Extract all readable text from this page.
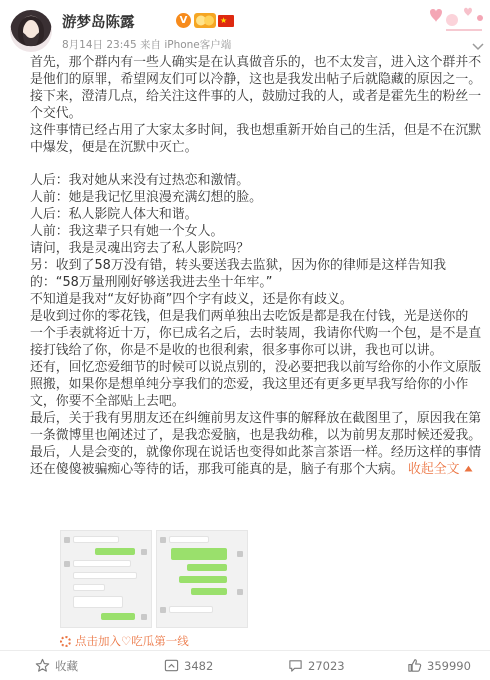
游梦岛陈露	V	★
8月14日 23:45 来自 iPhone客户端
首先，那个群内有一些人确实是在认真做音乐的，也不太发言，进入这个群并不
是他们的原罪，希望网友们可以冷静，这也是我发出帖子后就隐藏的原因之一。
接下来，澄清几点，给关注这件事的人，鼓励过我的人，或者是霍先生的粉丝一
个交代。
这件事情已经占用了大家太多时间，我也想重新开始自己的生活，但是不在沉默
中爆发，便是在沉默中灭亡。
人后：我对她从来没有过热恋和激情。
人前：她是我记忆里浪漫充满幻想的脸。
人后：私人影院人体大和谐。
人前：我这辈子只有她一个女人。
请问，我是灵魂出窍去了私人影院吗？
另：收到了58万没有错，转头要送我去监狱，因为你的律师是这样告知我
的：“58万量刑刚好够送我进去坐十年牢。”
不知道是我对“友好协商”四个字有歧义，还是你有歧义。
是收到过你的零花钱，但是我们两单独出去吃饭是都是我在付钱，光是送你的
一个手表就将近十万，你已成名之后，去时装周，我请你代购一个包，是不是直
接打钱给了你，你是不是收的也很利索，很多事你可以讲，我也可以讲。
还有，回忆恋爱细节的时候可以说点别的，没必要把我以前写给你的小作文原版
照搬，如果你是想单纯分享我们的恋爱，我这里还有更多更早我写给你的小作
文，你要不全部贴上去吧。
最后，关于我有男朋友还在纠缠前男友这件事的解释放在截图里了，原因我在第
一条微博里也阐述过了，是我恋爱脑，也是我幼稚，以为前男友那时候还爱我。
最后，人是会变的，就像你现在说话也变得如此茶言茶语一样。经历这样的事情
还在傻傻被骗痴心等待的话，那我可能真的是，脑子有那个大病。 收起全文
点击加入♡吃瓜第一线
收藏	3482	27023	359990
